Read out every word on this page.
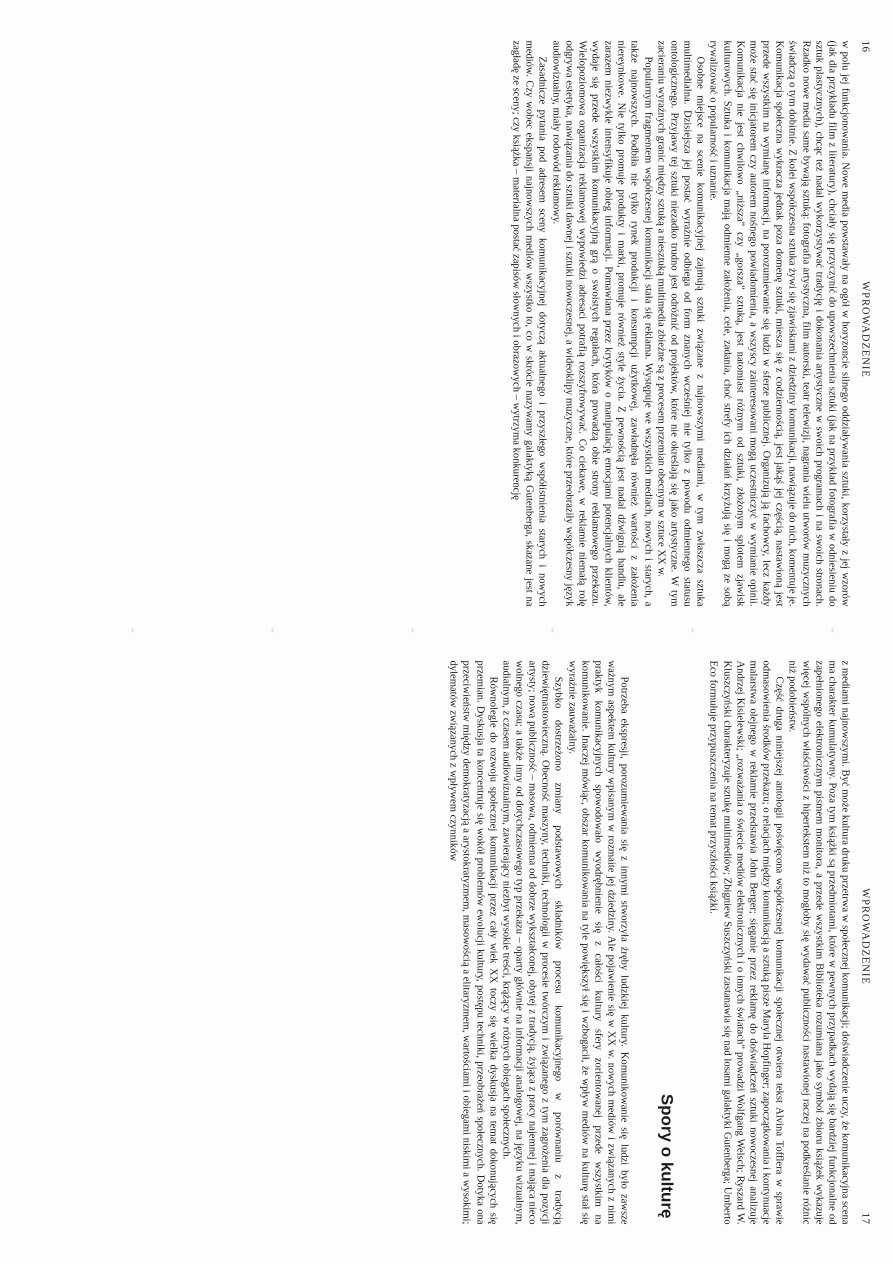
16
WPROWADZENIE

w polu jej funkcjonowania. Nowe media powstawały na ogół w horyzoncie silnego oddziaływania sztuki, korzystały z jej wzorów (jak dla przykładu film z literatury), chciały się przyczynić do upowszechnienia sztuki (jak na przykład fotografia w odniesieniu do sztuk plastycznych), chcąc też nadal wykorzystywać tradycję i dokonania artystyczne w swoich programach i na swoich stronach. Rzadko nowe media same bywają sztuką: fotografia artystyczna, film autorski, teatr telewizji, nagrania wielu utworów muzycznych świadczą o tym dobitnie. Z kolei współczesna sztuka żywi się zjawiskami z dziedziny komunikacji, nawiązuje do nich, komentuje je. Komunikacja społeczna wykracza jednak poza domenę sztuki, miesza się z codziennością, jest jakąś jej częścią, nastawioną jest przede wszystkim na wymianę informacji, na porozumiewanie się ludzi w sferze publicznej. Organizują ją fachowcy, lecz każdy może stać się inicjatorem czy autorem nośnego powiadomienia, a wszyscy zainteresowani mogą uczestniczyć w wymianie opinii. Komunikacja nie jest chwilowo „niższa” czy „gorsza” sztuką, jest natomiast różnym od sztuki, złożonym splotem zjawisk kulturowych. Sztuka i komunikacja mają odmienne założenia, cele, zadania, choć strefy ich działań krzyżują się i mogą ze sobą rywalizować o popularność i uznanie.

Osobne miejsce na scenie komunikacyjnej zajmują sztuki związane z najnowszymi mediami, w tym zwłaszcza sztuka multimedialna. Dzisiejsza jej postać wyraźnie odbiega od form znanych wcześniej nie tylko z powodu odmiennego statusu ontologicznego. Przyjawy tej sztuki niezadko trudno jest odróżnić od projektów, które nie określają się jako artystyczne. W tym zacieraniu wyraźnych granic między sztuką a niesztuką multimedia zbieżne są z procesem przemian obecnym w sztuce XX w.

Popularnym fragmentem współczesnej komunikacji stała się reklama. Występuje we wszystkich mediach, nowych i starych, a także najnowszych. Podbiła nie tylko rynek produkcji i konsumpcji użytkowej, zawładnęła również wartości z założenia niereynkowe. Nie tylko promuje produkty i marki, promuje również style życia. Z pewnością jest nadal dźwignią handlu, ale zarazem niezwykle intensyfikuje obieg informacji. Pomawiana przez krytyków o manipulację emocjami potencjalnych klientów, wydaje się przede wszystkim komunikacyjną grą o swoistych regułach, która prowadzą obie strony reklamowego przekazu. Wielopoziomowa organizacja reklamowej wypowiedzi adresaci potrafią rozszyfrowywać. Co ciekawe, w reklamie niemałą rolę odgrywa estetyka, nawiązania do sztuki dawnej i sztuki nowoczesnej, a wideoklipy muzyczne, które przeobraziły współczesny język audiowizualny, miały rodowód reklamowy.

Zasadnicze pytania pod adresem sceny komunikacyjnej dotyczą aktualnego i przyszłego współistnienia starych i nowych mediów. Czy wobec ekspansji najnowszych mediów wszystko to, co w skrócie nazywamy galaktyką Gutenberga, skazane jest na zagładę ze sceny; czy książka – materialna postać zapisów słownych i obrazowych – wytrzyma konkurencję

WPROWADZENIE
17

z mediami najnowszymi. Być może kultura druku przetrwa w społecznej komunikacji; doświadczenie uczy, że komunikacyjna scena ma charakter kumulatywny. Poza tym książki są przedmiotami, które w pewnych przypadkach wydają się bardziej funkcjonalne od zapełnionego elektronicznym pismem monitora, a przede wszystkim Biblioteka rozumiana jako symbol zbioru książek wykazuje więcej wspólnych właściwości z hipertekstem niż to mogłoby się wydawać publiczności nastawionej raczej na podkreślanie różnic niż podobieństw.

Część druga niniejszej antologii poświęcona współczesnej komunikacji społecznej otwiera tekst Alvina Tofflera w sprawie odmasowienia środków przekazu; o relacjach między komunikacją a sztuką pisze Maryla Hopfinger; zapoczątkowania i kontynuacje malarstwa olejnego w reklamie przedstawia John Berger; sięganie przez reklamę do doświadczeń sztuki nowoczesnej analizuje Andrzej Kisielewski; „rozważania o świecie mediów elektronicznych i o innych światach” prowadzi Wolfgang Welsch; Ryszard W. Kluszczyński charakteryzuje sztukę multimediów; Zbigniew Suszczyński zastanawia się nad losami galaktyki Gutenberga; Umberto Eco formułuje przypuszczenia na temat przyszłości książki.

Spory o kulturę

Potrzeba ekspresji, porozumiewania się z innymi stworzyła źręby ludzkiej kultury. Komunikowanie się ludzi było zawsze ważnym aspektem kultury wpisanym w rozmaite jej dziedziny. Ale pojawienie się w XX w. nowych mediów i związanych z nimi praktyk komunikacyjnych spowodowało wyodrębnienie się z całości kultury sfery zorientowanej przede wszystkim na komunikowanie. Inaczej mówiąc, obszar komunikowania na tyle powiększył się i wzbogacił, że wpływ mediów na kulturę stał się wyraźnie zauważalny.

Szybko dostrzeżono zmiany podstawowych składników procesu komunikacyjnego w porównaniu z tradycją dziewiętnastowieczną. Obecność maszyny, techniki, technologii w procesie twórczym i związanego z tym zagrożenia dla pozycji artysty; nowa publiczność – masowa, odmienna od dobrze wykształconej, obytej z tradycją, żyjąca z pracy najemnej i mająca nieco wolnego czasu; a także inny od dotychczasowego typ przekazu – oparty głównie na informacji analogowej, na języku wizualnym, audialnym, z czasem audiowizualnym, zawierający niezbyt wysokie treści, krążący w różnych obiegach społecznych.

Równolegle do rozwoju społecznej komunikacji przez cały wiek XX toczy się wielka dyskusja na temat dokonujących się przemian. Dyskusja ta koncentruje się wokół problemów ewolucji kultury, postępu techniki, przeobrażeń społecznych. Dotyka ona przeciwieństw między demokratyzacją a arystokratyzmem, masowością a elitaryzmem, wartościami i obiegami niskimi a wysokimi; dylematów związanych z wpływem czynników
